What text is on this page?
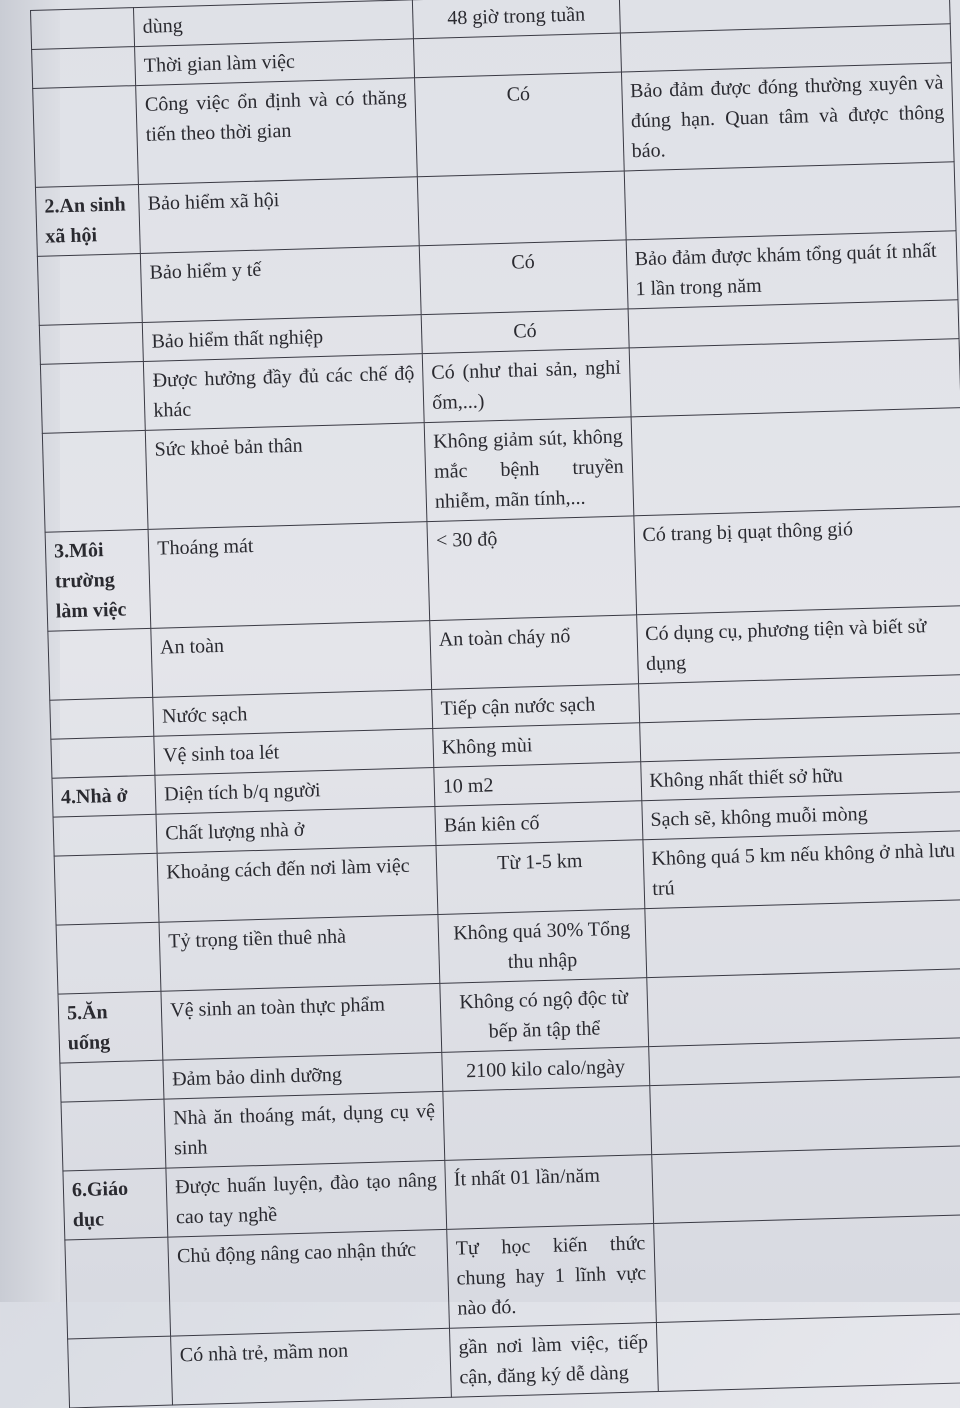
	dùng	48 giờ trong tuần	
	Thời gian làm việc		
	Công việc ổn định và có thăng tiến theo thời gian	Có	Bảo đảm được đóng thường xuyên và đúng hạn. Quan tâm và được thông báo.
2.An sinh xã hội	Bảo hiểm xã hội		
	Bảo hiểm y tế	Có	Bảo đảm được khám tổng quát ít nhất 1 lần trong năm
	Bảo hiểm thất nghiệp	Có	
	Được hưởng đầy đủ các chế độ khác	Có (như thai sản, nghỉ ốm,...)	
	Sức khoẻ bản thân	Không giảm sút, không mắc bệnh truyền nhiễm, mãn tính,...	
3.Môi trường làm việc	Thoáng mát	< 30 độ	Có trang bị quạt thông gió
	An toàn	An toàn cháy nổ	Có dụng cụ, phương tiện và biết sử dụng
	Nước sạch	Tiếp cận nước sạch	
	Vệ sinh toa lét	Không mùi	
4.Nhà ở	Diện tích b/q người	10 m2	Không nhất thiết sở hữu
	Chất lượng nhà ở	Bán kiên cố	Sạch sẽ, không muỗi mòng
	Khoảng cách đến nơi làm việc	Từ 1-5 km	Không quá 5 km nếu không ở nhà lưu trú
	Tỷ trọng tiền thuê nhà	Không quá 30% Tổng thu nhập	
5.Ăn uống	Vệ sinh an toàn thực phẩm	Không có ngộ độc từ bếp ăn tập thể	
	Đảm bảo dinh dưỡng	2100 kilo calo/ngày	
	Nhà ăn thoáng mát, dụng cụ vệ sinh		
6.Giáo dục	Được huấn luyện, đào tạo nâng cao tay nghề	Ít nhất 01 lần/năm	
	Chủ động nâng cao nhận thức	Tự học kiến thức chung hay 1 lĩnh vực nào đó.	
	Có nhà trẻ, mầm non	gần nơi làm việc, tiếp cận, đăng ký dễ dàng	
